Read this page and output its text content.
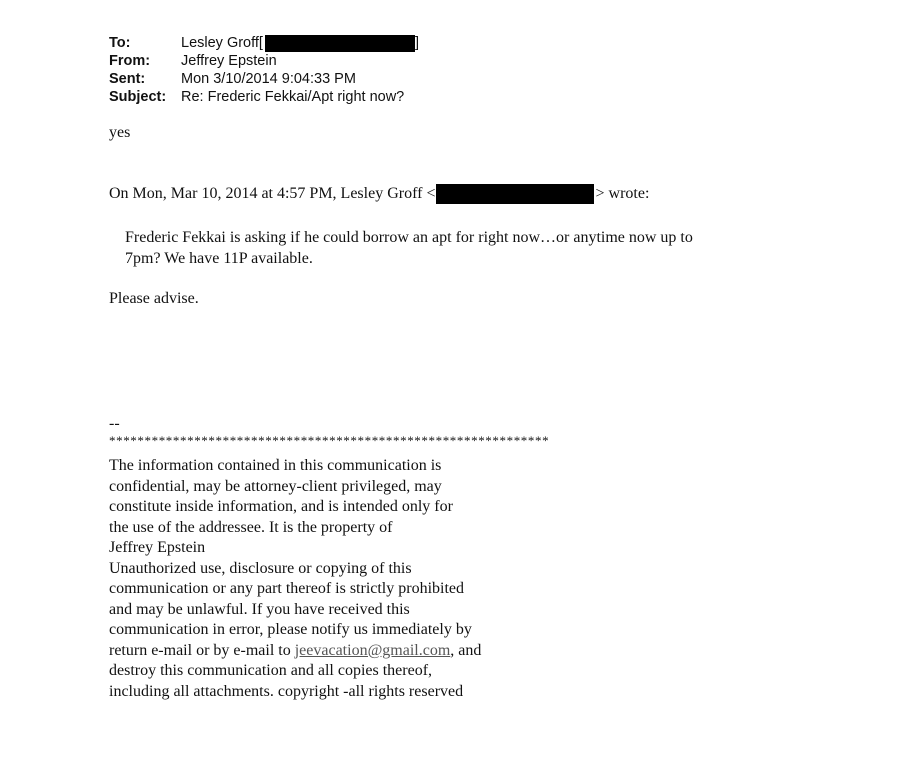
To:	Lesley Groff[	]
From:	Jeffrey Epstein
Sent:	Mon 3/10/2014 9:04:33 PM
Subject:	Re: Frederic Fekkai/Apt right now?
yes
On Mon, Mar 10, 2014 at 4:57 PM, Lesley Groff <	> wrote:
Frederic Fekkai is asking if he could borrow an apt for right now…or anytime now up to
7pm? We have 11P available.
Please advise.
--
**************************************************************
The information contained in this communication is
confidential, may be attorney-client privileged, may
constitute inside information, and is intended only for
the use of the addressee. It is the property of
Jeffrey Epstein
Unauthorized use, disclosure or copying of this
communication or any part thereof is strictly prohibited
and may be unlawful. If you have received this
communication in error, please notify us immediately by
return e-mail or by e-mail to jeevacation@gmail.com, and
destroy this communication and all copies thereof,
including all attachments. copyright -all rights reserved
